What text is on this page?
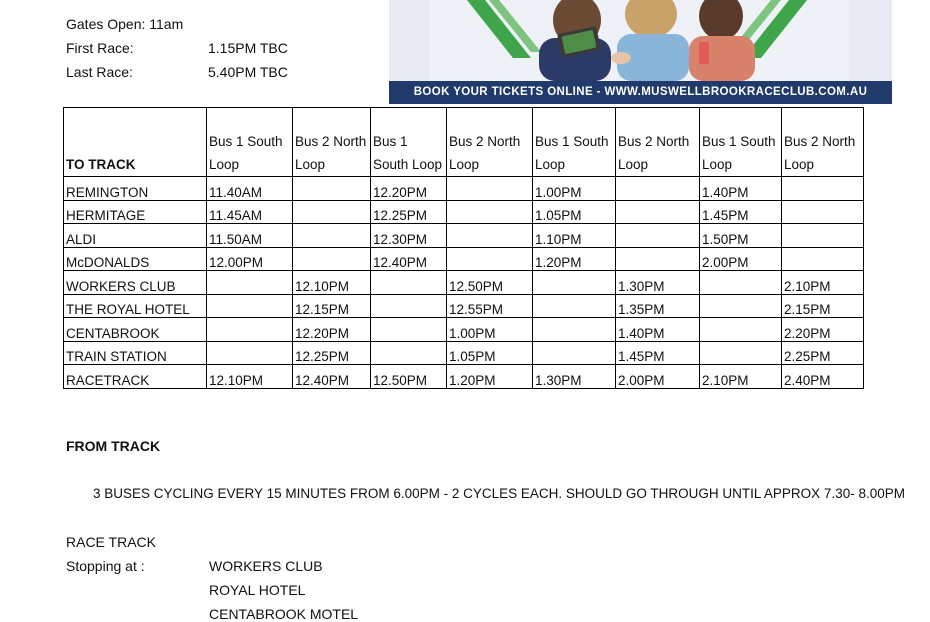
Gates Open: 11am
First Race:	1.15PM TBC
Last Race:	5.40PM TBC
BOOK YOUR TICKETS ONLINE - WWW.MUSWELLBROOKRACECLUB.COM.AU
TO TRACK	Bus 1 South Loop	Bus 2 North Loop	Bus 1 South Loop	Bus 2 North Loop	Bus 1 South Loop	Bus 2 North Loop	Bus 1 South Loop	Bus 2 North Loop
REMINGTON	11.40AM		12.20PM		1.00PM		1.40PM	
HERMITAGE	11.45AM		12.25PM		1.05PM		1.45PM	
ALDI	11.50AM		12.30PM		1.10PM		1.50PM	
McDONALDS	12.00PM		12.40PM		1.20PM		2.00PM	
WORKERS CLUB		12.10PM		12.50PM		1.30PM		2.10PM
THE ROYAL HOTEL		12.15PM		12.55PM		1.35PM		2.15PM
CENTABROOK		12.20PM		1.00PM		1.40PM		2.20PM
TRAIN STATION		12.25PM		1.05PM		1.45PM		2.25PM
RACETRACK	12.10PM	12.40PM	12.50PM	1.20PM	1.30PM	2.00PM	2.10PM	2.40PM
FROM TRACK
3 BUSES CYCLING EVERY 15 MINUTES FROM 6.00PM - 2 CYCLES EACH. SHOULD GO THROUGH UNTIL APPROX 7.30- 8.00PM
RACE TRACK
Stopping at :	WORKERS CLUB
ROYAL HOTEL
CENTABROOK MOTEL
